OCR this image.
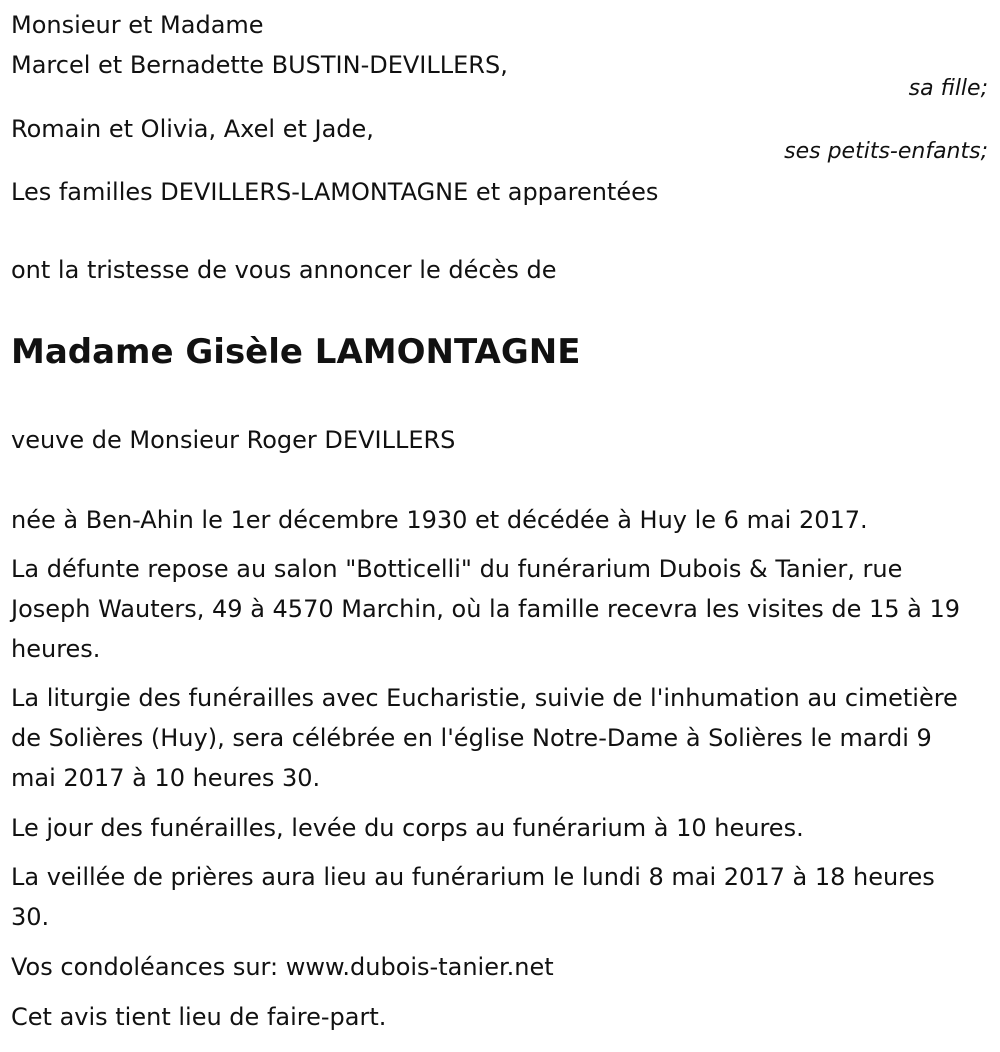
Monsieur et Madame
Marcel et Bernadette BUSTIN-DEVILLERS,
sa fille;
Romain et Olivia, Axel et Jade,
ses petits-enfants;
Les familles DEVILLERS-LAMONTAGNE et apparentées
ont la tristesse de vous annoncer le décès de
Madame Gisèle LAMONTAGNE
veuve de Monsieur Roger DEVILLERS
née à Ben-Ahin le 1er décembre 1930 et décédée à Huy le 6 mai 2017.
La défunte repose au salon "Botticelli" du funérarium Dubois & Tanier, rue Joseph Wauters, 49 à 4570 Marchin, où la famille recevra les visites de 15 à 19 heures.
La liturgie des funérailles avec Eucharistie, suivie de l'inhumation au cimetière de Solières (Huy), sera célébrée en l'église Notre-Dame à Solières le mardi 9 mai 2017 à 10 heures 30.
Le jour des funérailles, levée du corps au funérarium à 10 heures.
La veillée de prières aura lieu au funérarium le lundi 8 mai 2017 à 18 heures 30.
Vos condoléances sur: www.dubois-tanier.net
Cet avis tient lieu de faire-part.
